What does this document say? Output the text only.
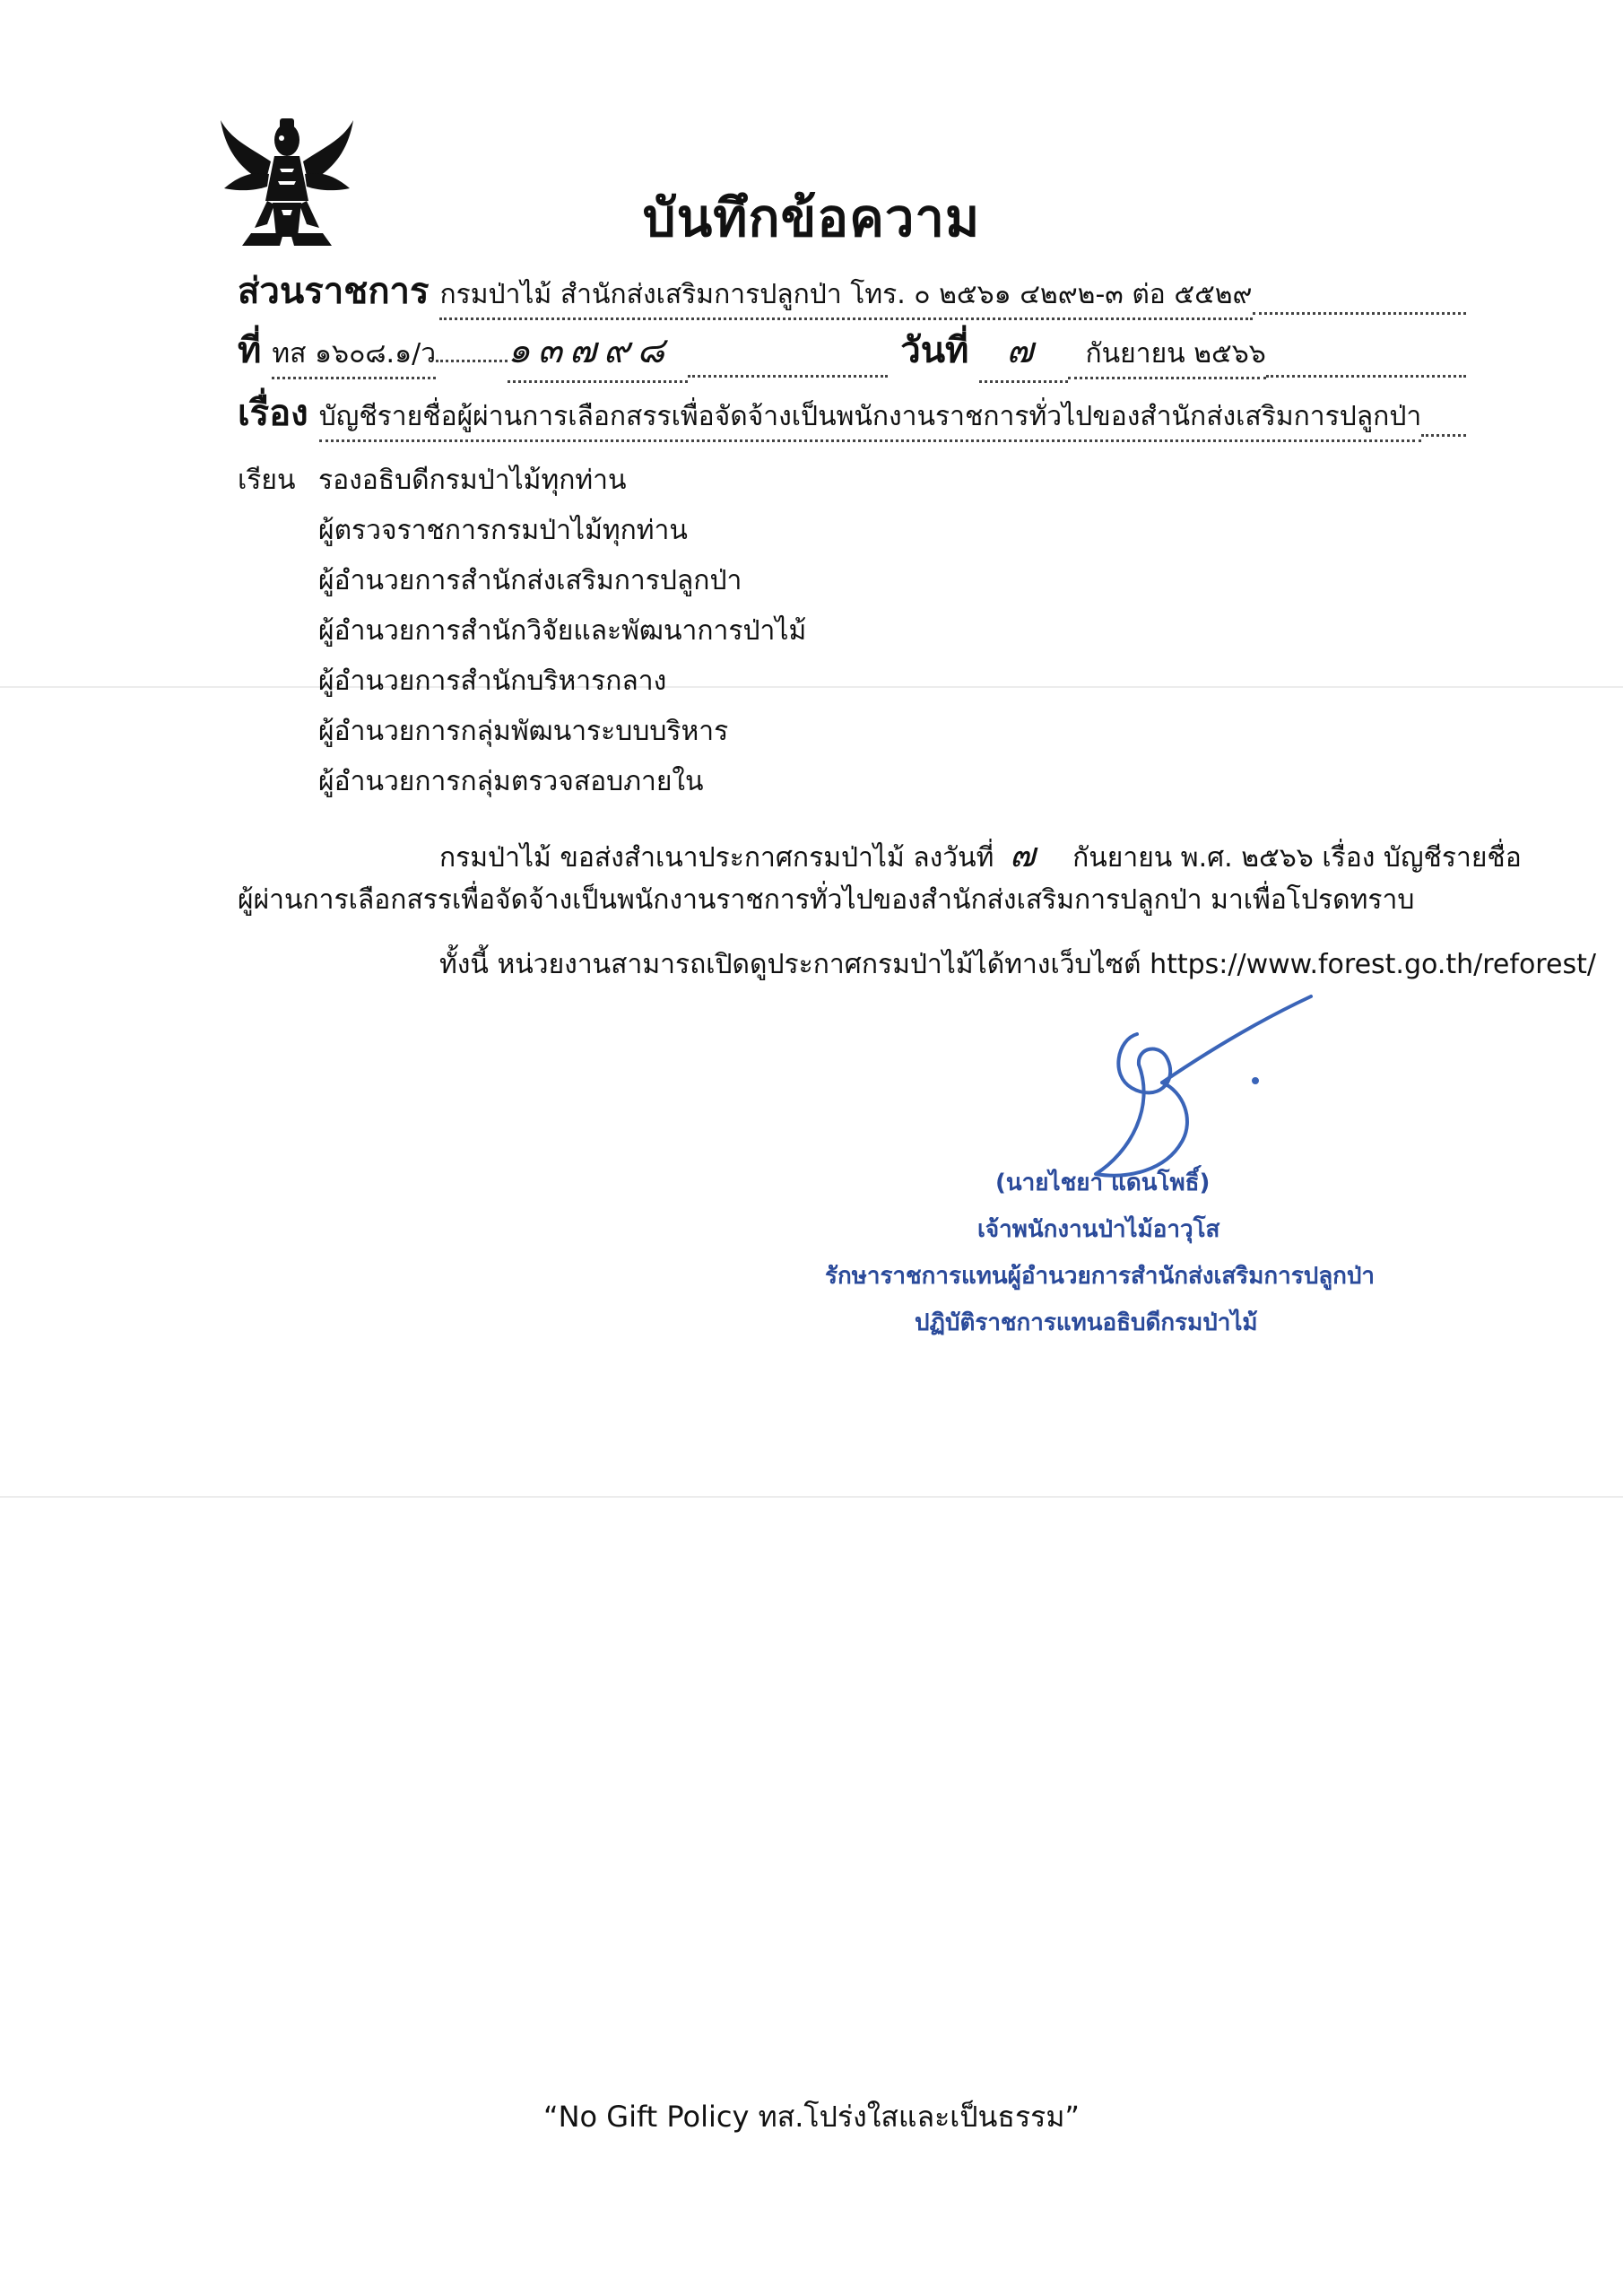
บันทึกข้อความ
ส่วนราชการ กรมป่าไม้ สำนักส่งเสริมการปลูกป่า โทร. ๐ ๒๕๖๑ ๔๒๙๒-๓ ต่อ ๕๕๒๙
ที่ ทส ๑๖๐๘.๑/ว ๑๓๗๙๘	วันที่	๗	กันยายน ๒๕๖๖
เรื่อง บัญชีรายชื่อผู้ผ่านการเลือกสรรเพื่อจัดจ้างเป็นพนักงานราชการทั่วไปของสำนักส่งเสริมการปลูกป่า
เรียน รองอธิบดีกรมป่าไม้ทุกท่าน
ผู้ตรวจราชการกรมป่าไม้ทุกท่าน
ผู้อำนวยการสำนักส่งเสริมการปลูกป่า
ผู้อำนวยการสำนักวิจัยและพัฒนาการป่าไม้
ผู้อำนวยการสำนักบริหารกลาง
ผู้อำนวยการกลุ่มพัฒนาระบบบริหาร
ผู้อำนวยการกลุ่มตรวจสอบภายใน
กรมป่าไม้ ขอส่งสำเนาประกาศกรมป่าไม้ ลงวันที่ ๗ กันยายน พ.ศ. ๒๕๖๖ เรื่อง บัญชีรายชื่อ
ผู้ผ่านการเลือกสรรเพื่อจัดจ้างเป็นพนักงานราชการทั่วไปของสำนักส่งเสริมการปลูกป่า มาเพื่อโปรดทราบ
ทั้งนี้ หน่วยงานสามารถเปิดดูประกาศกรมป่าไม้ได้ทางเว็บไซต์ https://www.forest.go.th/reforest/
(นายไชยา แดนโพธิ์)
เจ้าพนักงานป่าไม้อาวุโส
รักษาราชการแทนผู้อำนวยการสำนักส่งเสริมการปลูกป่า
ปฏิบัติราชการแทนอธิบดีกรมป่าไม้
“No Gift Policy ทส.โปร่งใสและเป็นธรรม”
